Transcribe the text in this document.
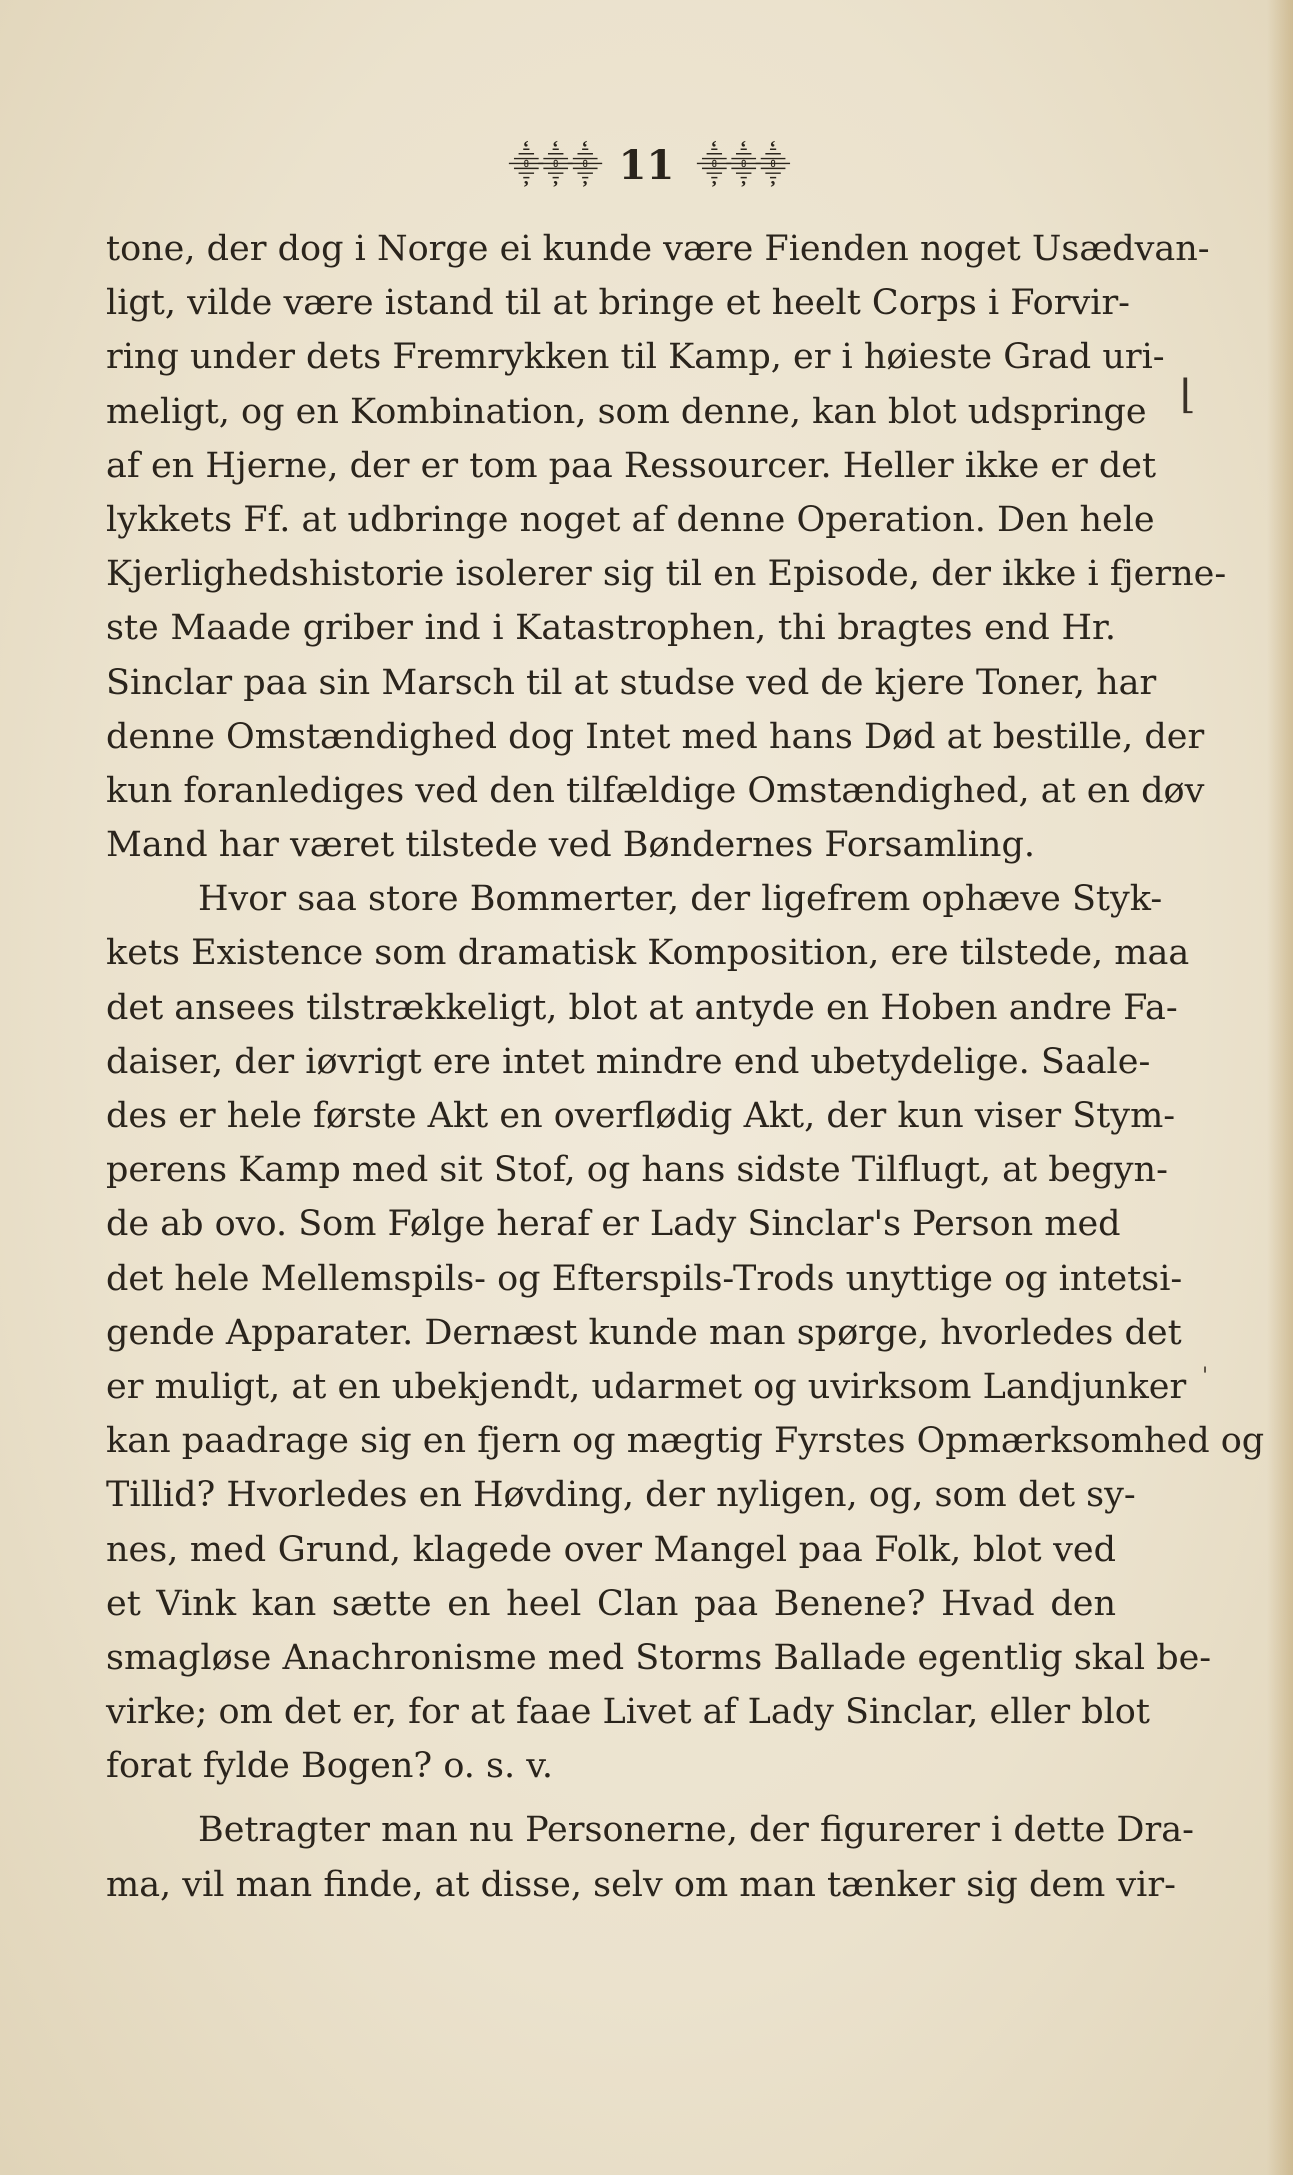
⸎⸎⸎ 11 ⸎⸎⸎
⌊
'
tone, der dog i Norge ei kunde være Fienden noget Usædvan-
ligt, vilde være istand til at bringe et heelt Corps i Forvir-
ring under dets Fremrykken til Kamp, er i høieste Grad uri-
meligt, og en Kombination, som denne, kan blot udspringe
af en Hjerne, der er tom paa Ressourcer. Heller ikke er det
lykkets Ff. at udbringe noget af denne Operation. Den hele
Kjerlighedshistorie isolerer sig til en Episode, der ikke i fjerne-
ste Maade griber ind i Katastrophen, thi bragtes end Hr.
Sinclar paa sin Marsch til at studse ved de kjere Toner, har
denne Omstændighed dog Intet med hans Død at bestille, der
kun foranlediges ved den tilfældige Omstændighed, at en døv
Mand har været tilstede ved Bøndernes Forsamling.
Hvor saa store Bommerter, der ligefrem ophæve Styk-
kets Existence som dramatisk Komposition, ere tilstede, maa
det ansees tilstrækkeligt, blot at antyde en Hoben andre Fa-
daiser, der iøvrigt ere intet mindre end ubetydelige. Saale-
des er hele første Akt en overflødig Akt, der kun viser Stym-
perens Kamp med sit Stof, og hans sidste Tilflugt, at begyn-
de ab ovo. Som Følge heraf er Lady Sinclar's Person med
det hele Mellemspils- og Efterspils-Trods unyttige og intetsi-
gende Apparater. Dernæst kunde man spørge, hvorledes det
er muligt, at en ubekjendt, udarmet og uvirksom Landjunker
kan paadrage sig en fjern og mægtig Fyrstes Opmærksomhed og
Tillid? Hvorledes en Høvding, der nyligen, og, som det sy-
nes, med Grund, klagede over Mangel paa Folk, blot ved
et Vink kan sætte en heel Clan paa Benene? Hvad den
smagløse Anachronisme med Storms Ballade egentlig skal be-
virke; om det er, for at faae Livet af Lady Sinclar, eller blot
forat fylde Bogen? o. s. v.
Betragter man nu Personerne, der figurerer i dette Dra-
ma, vil man finde, at disse, selv om man tænker sig dem vir-
